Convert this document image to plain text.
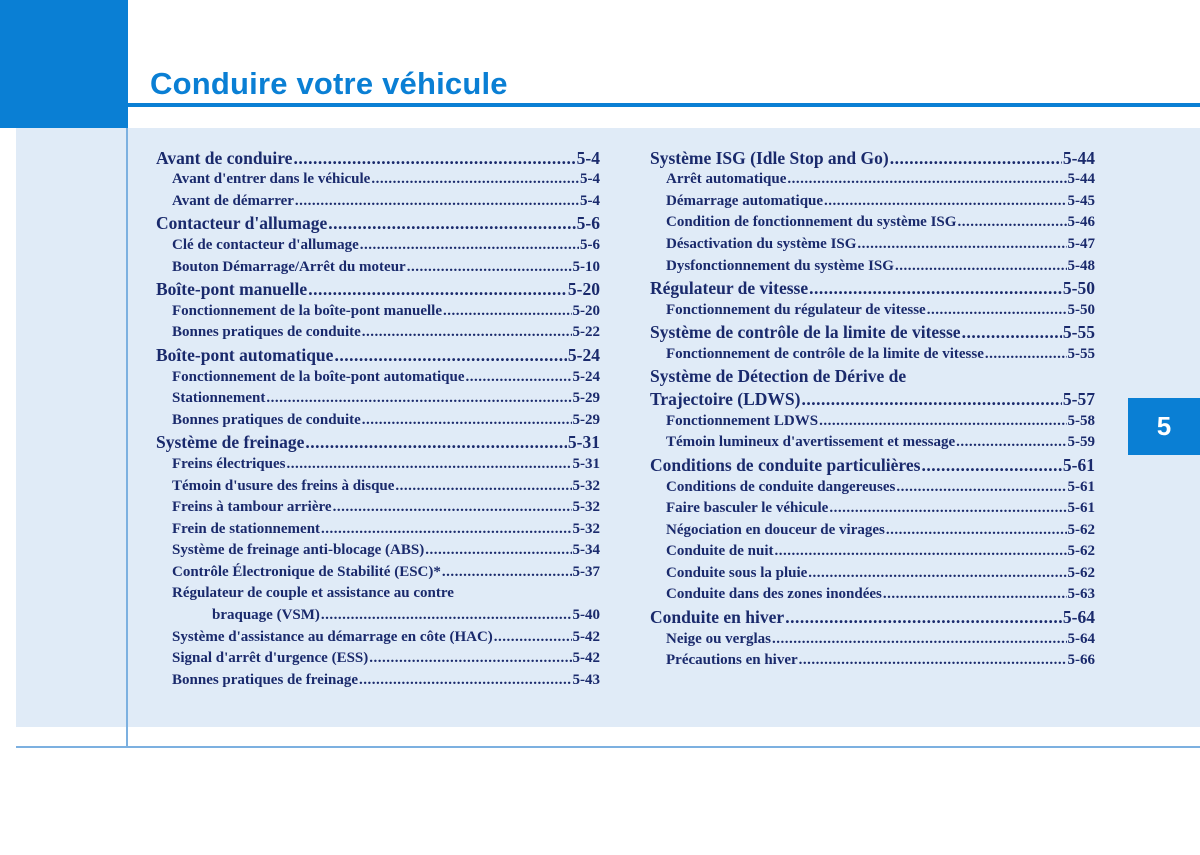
Conduire votre véhicule
5
Avant de conduire .....	5-4
Avant d'entrer dans le véhicule .....	5-4
Avant de démarrer .....	5-4
Contacteur d'allumage .....	5-6
Clé de contacteur d'allumage .....	5-6
Bouton Démarrage/Arrêt du moteur .....	5-10
Boîte-pont manuelle .....	5-20
Fonctionnement de la boîte-pont manuelle .....	5-20
Bonnes pratiques de conduite .....	5-22
Boîte-pont automatique .....	5-24
Fonctionnement de la boîte-pont automatique .....	5-24
Stationnement .....	5-29
Bonnes pratiques de conduite .....	5-29
Système de freinage .....	5-31
Freins électriques .....	5-31
Témoin d'usure des freins à disque .....	5-32
Freins à tambour arrière .....	5-32
Frein de stationnement .....	5-32
Système de freinage anti-blocage (ABS) .....	5-34
Contrôle Électronique de Stabilité (ESC)* .....	5-37
Régulateur de couple et assistance au contre
braquage (VSM) .....	5-40
Système d'assistance au démarrage en côte (HAC) .....	5-42
Signal d'arrêt d'urgence (ESS) .....	5-42
Bonnes pratiques de freinage .....	5-43
Système ISG (Idle Stop and Go) .....	5-44
Arrêt automatique .....	5-44
Démarrage automatique .....	5-45
Condition de fonctionnement du système ISG .....	5-46
Désactivation du système ISG .....	5-47
Dysfonctionnement du système ISG .....	5-48
Régulateur de vitesse .....	5-50
Fonctionnement du régulateur de vitesse .....	5-50
Système de contrôle de la limite de vitesse .....	5-55
Fonctionnement de contrôle de la limite de vitesse .....	5-55
Système de Détection de Dérive de
Trajectoire (LDWS) .....	5-57
Fonctionnement LDWS .....	5-58
Témoin lumineux d'avertissement et message .....	5-59
Conditions de conduite particulières .....	5-61
Conditions de conduite dangereuses .....	5-61
Faire basculer le véhicule .....	5-61
Négociation en douceur de virages .....	5-62
Conduite de nuit .....	5-62
Conduite sous la pluie .....	5-62
Conduite dans des zones inondées .....	5-63
Conduite en hiver .....	5-64
Neige ou verglas .....	5-64
Précautions en hiver .....	5-66
